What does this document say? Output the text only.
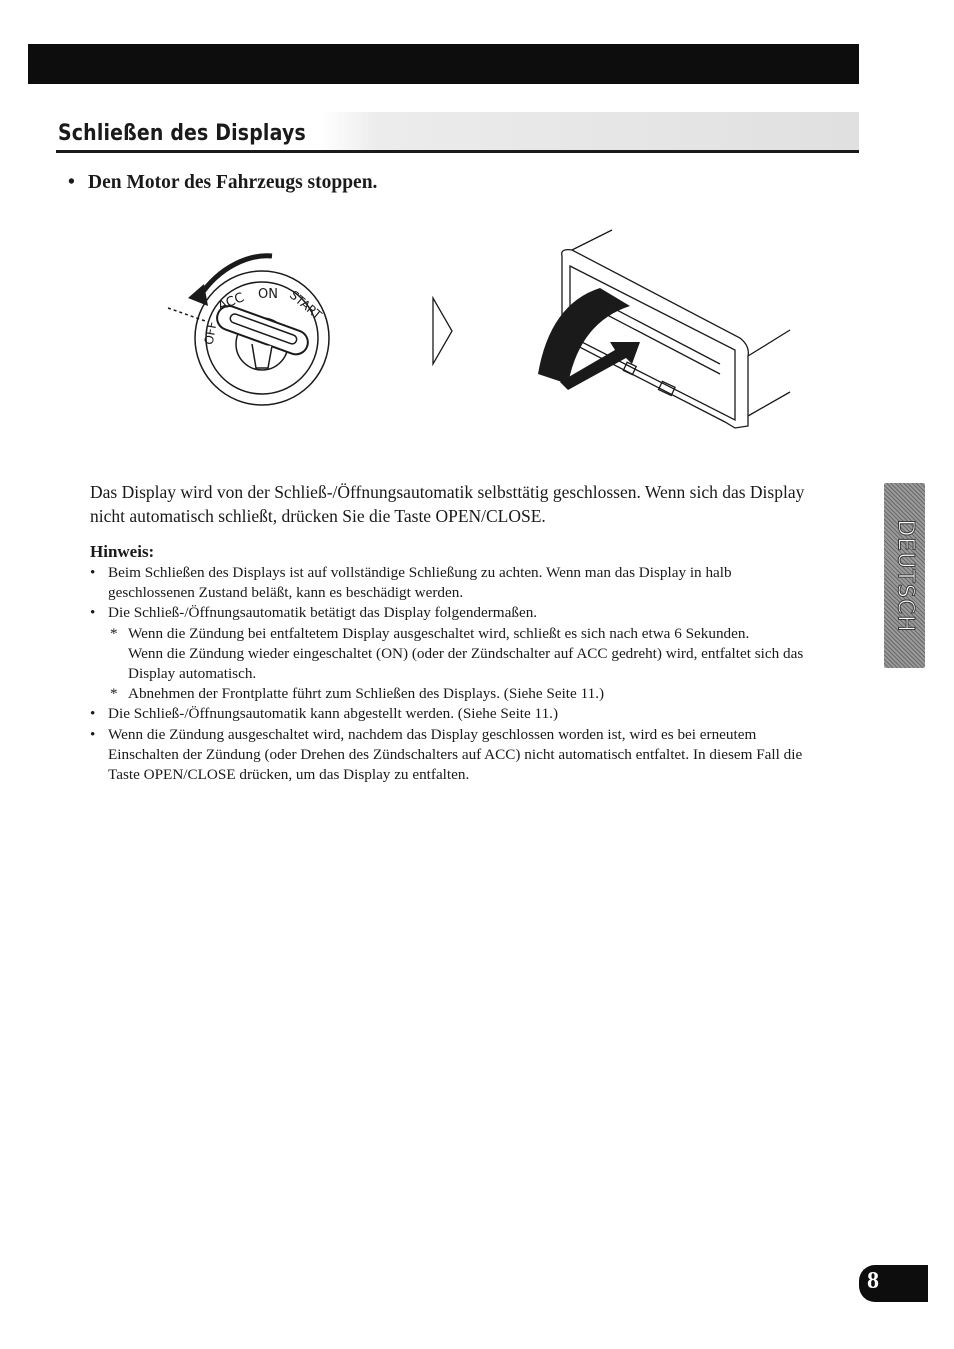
Schließen des Displays

• Den Motor des Fahrzeugs stoppen.

ACC ON START
OFF

Das Display wird von der Schließ-/Öffnungsautomatik selbsttätig geschlossen. Wenn sich das Display nicht automatisch schließt, drücken Sie die Taste OPEN/CLOSE.

Hinweis:

• Beim Schließen des Displays ist auf vollständige Schließung zu achten. Wenn man das Display in halb geschlossenen Zustand beläßt, kann es beschädigt werden.
• Die Schließ-/Öffnungsautomatik betätigt das Display folgendermaßen.
* Wenn die Zündung bei entfaltetem Display ausgeschaltet wird, schließt es sich nach etwa 6 Sekunden.
Wenn die Zündung wieder eingeschaltet (ON) (oder der Zündschalter auf ACC gedreht) wird, entfaltet sich das Display automatisch.
* Abnehmen der Frontplatte führt zum Schließen des Displays. (Siehe Seite 11.)
• Die Schließ-/Öffnungsautomatik kann abgestellt werden. (Siehe Seite 11.)
• Wenn die Zündung ausgeschaltet wird, nachdem das Display geschlossen worden ist, wird es bei erneutem Einschalten der Zündung (oder Drehen des Zündschalters auf ACC) nicht automatisch entfaltet. In diesem Fall die Taste OPEN/CLOSE drücken, um das Display zu entfalten.
DEUTSCH
8
